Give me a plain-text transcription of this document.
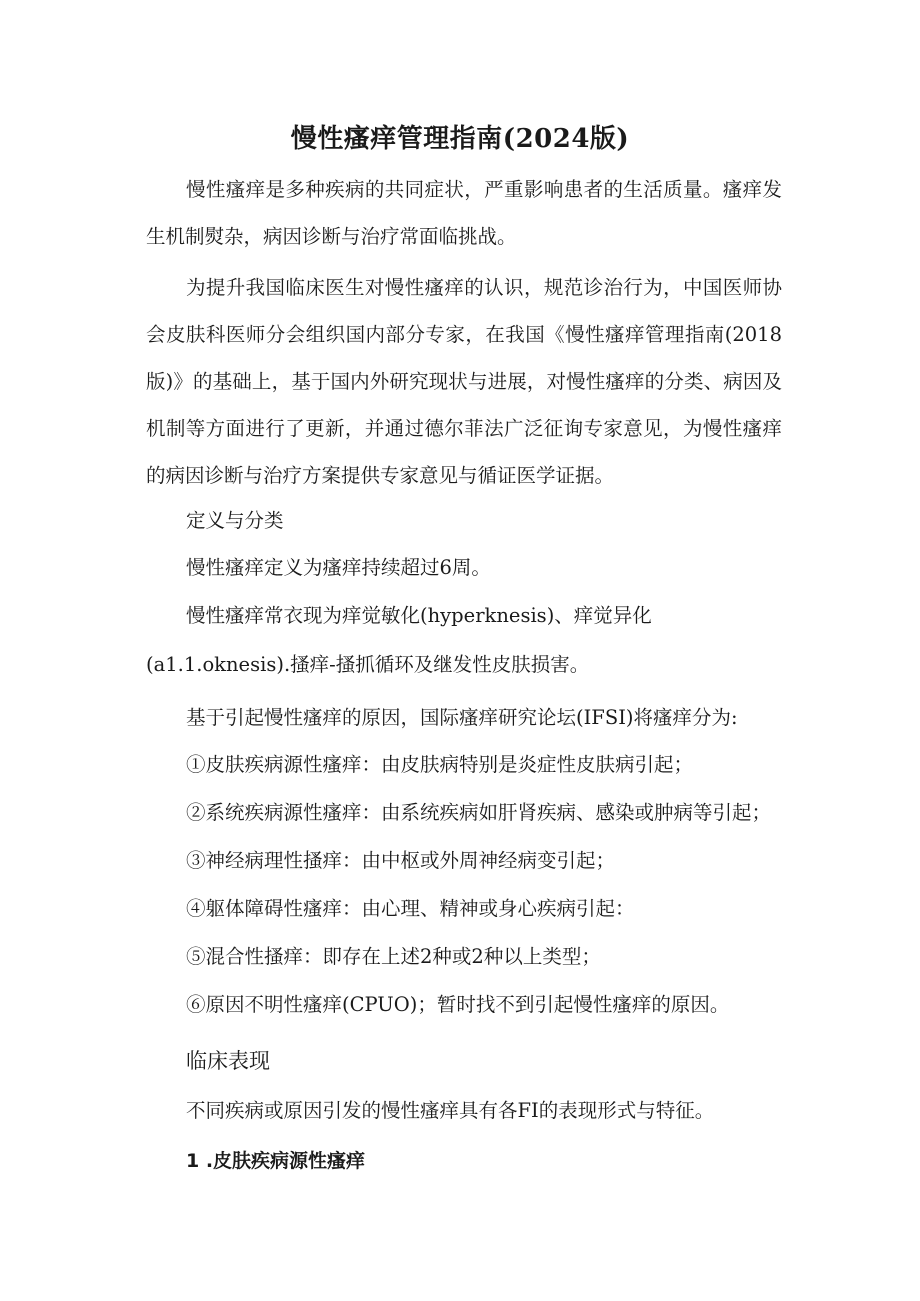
慢性瘙痒管理指南(2024版)

慢性瘙痒是多种疾病的共同症状，严重影响患者的生活质量。瘙痒发生机制熨杂，病因诊断与治疗常面临挑战。

为提升我国临床医生对慢性瘙痒的认识，规范诊治行为，中国医师协会皮肤科医师分会组织国内部分专家，在我国《慢性瘙痒管理指南(2018版)》的基础上，基于国内外研究现状与进展，对慢性瘙痒的分类、病因及机制等方面进行了更新，并通过德尔菲法广泛征询专家意见，为慢性瘙痒的病因诊断与治疗方案提供专家意见与循证医学证据。

定义与分类

慢性瘙痒定义为瘙痒持续超过6周。

慢性瘙痒常衣现为痒觉敏化(hyperknesis)、痒觉异化

(a1.1.oknesis).搔痒-搔抓循环及继发性皮肤损害。

基于引起慢性瘙痒的原因，国际瘙痒研究论坛(IFSI)将瘙痒分为:

①皮肤疾病源性瘙痒：由皮肤病特别是炎症性皮肤病引起；

②系统疾病源性瘙痒：由系统疾病如肝肾疾病、感染或肿病等引起；

③神经病理性搔痒：由中枢或外周神经病变引起；

④躯体障碍性瘙痒：由心理、精神或身心疾病引起：

⑤混合性搔痒：即存在上述2种或2种以上类型；

⑥原因不明性瘙痒(CPUO)；暂时找不到引起慢性瘙痒的原因。

临床表现

不同疾病或原因引发的慢性瘙痒具有各FI的表现形式与特征。

1 .皮肤疾病源性瘙痒
